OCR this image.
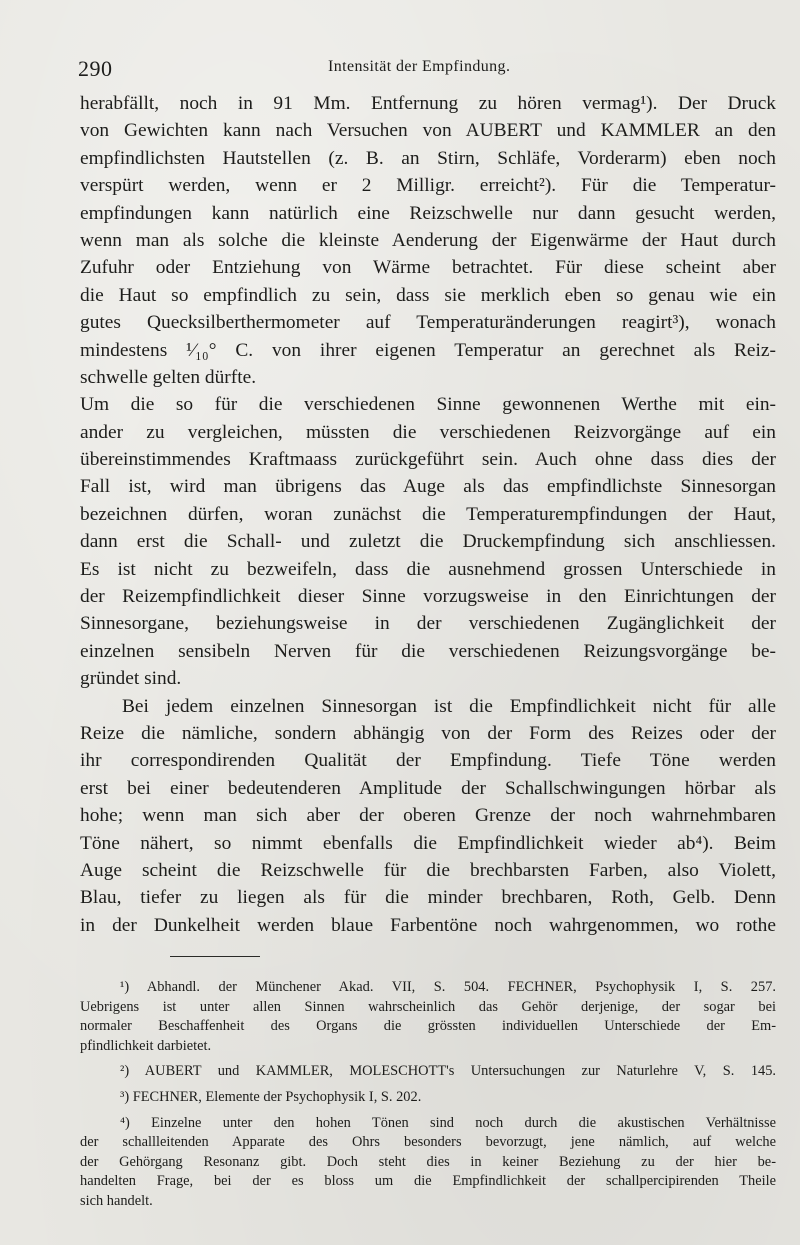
290	Intensität der Empfindung.
herabfällt, noch in 91 Mm. Entfernung zu hören vermag¹). Der Druck
von Gewichten kann nach Versuchen von AUBERT und KAMMLER an den
empfindlichsten Hautstellen (z. B. an Stirn, Schläfe, Vorderarm) eben noch
verspürt werden, wenn er 2 Milligr. erreicht²). Für die Temperatur-
empfindungen kann natürlich eine Reizschwelle nur dann gesucht werden,
wenn man als solche die kleinste Aenderung der Eigenwärme der Haut durch
Zufuhr oder Entziehung von Wärme betrachtet. Für diese scheint aber
die Haut so empfindlich zu sein, dass sie merklich eben so genau wie ein
gutes Quecksilberthermometer auf Temperaturänderungen reagirt³), wonach
mindestens ¹⁄₁₀° C. von ihrer eigenen Temperatur an gerechnet als Reiz-
schwelle gelten dürfte.
Um die so für die verschiedenen Sinne gewonnenen Werthe mit ein-
ander zu vergleichen, müssten die verschiedenen Reizvorgänge auf ein
übereinstimmendes Kraftmaass zurückgeführt sein. Auch ohne dass dies der
Fall ist, wird man übrigens das Auge als das empfindlichste Sinnesorgan
bezeichnen dürfen, woran zunächst die Temperaturempfindungen der Haut,
dann erst die Schall- und zuletzt die Druckempfindung sich anschliessen.
Es ist nicht zu bezweifeln, dass die ausnehmend grossen Unterschiede in
der Reizempfindlichkeit dieser Sinne vorzugsweise in den Einrichtungen der
Sinnesorgane, beziehungsweise in der verschiedenen Zugänglichkeit der
einzelnen sensibeln Nerven für die verschiedenen Reizungsvorgänge be-
gründet sind.
Bei jedem einzelnen Sinnesorgan ist die Empfindlichkeit nicht für alle
Reize die nämliche, sondern abhängig von der Form des Reizes oder der
ihr correspondirenden Qualität der Empfindung. Tiefe Töne werden
erst bei einer bedeutenderen Amplitude der Schallschwingungen hörbar als
hohe; wenn man sich aber der oberen Grenze der noch wahrnehmbaren
Töne nähert, so nimmt ebenfalls die Empfindlichkeit wieder ab⁴). Beim
Auge scheint die Reizschwelle für die brechbarsten Farben, also Violett,
Blau, tiefer zu liegen als für die minder brechbaren, Roth, Gelb. Denn
in der Dunkelheit werden blaue Farbentöne noch wahrgenommen, wo rothe
¹) Abhandl. der Münchener Akad. VII, S. 504. FECHNER, Psychophysik I, S. 257.
Uebrigens ist unter allen Sinnen wahrscheinlich das Gehör derjenige, der sogar bei
normaler Beschaffenheit des Organs die grössten individuellen Unterschiede der Em-
pfindlichkeit darbietet.
²) AUBERT und KAMMLER, MOLESCHOTT's Untersuchungen zur Naturlehre V, S. 145.
³) FECHNER, Elemente der Psychophysik I, S. 202.
⁴) Einzelne unter den hohen Tönen sind noch durch die akustischen Verhältnisse
der schallleitenden Apparate des Ohrs besonders bevorzugt, jene nämlich, auf welche
der Gehörgang Resonanz gibt. Doch steht dies in keiner Beziehung zu der hier be-
handelten Frage, bei der es bloss um die Empfindlichkeit der schallpercipirenden Theile
sich handelt.
